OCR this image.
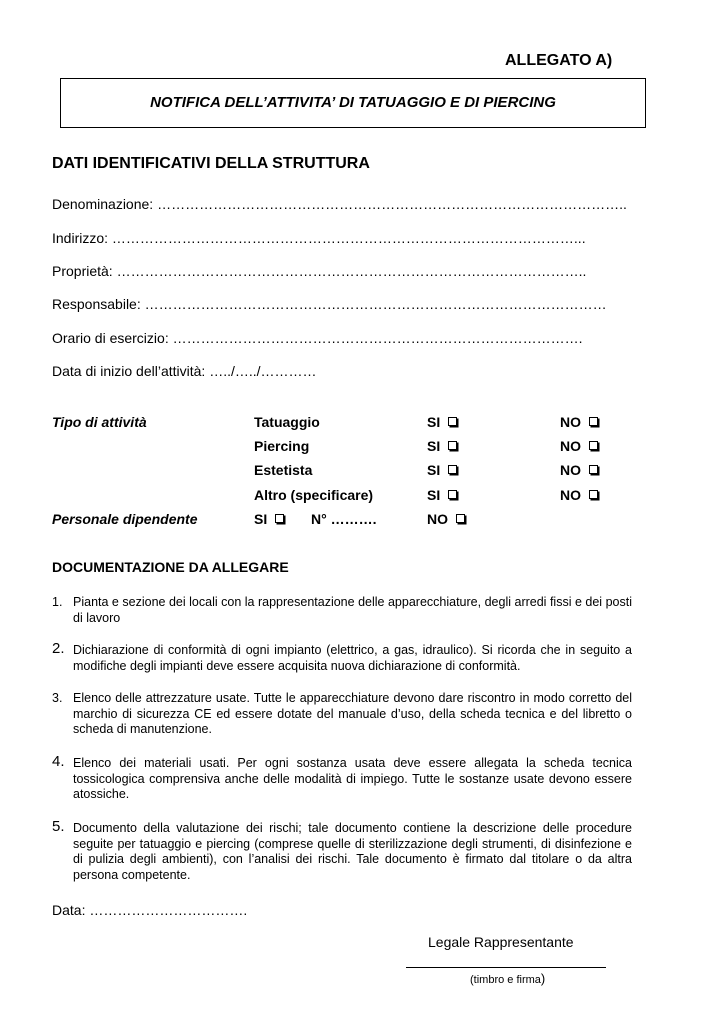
ALLEGATO A)
NOTIFICA DELL’ATTIVITA’ DI TATUAGGIO E DI PIERCING
DATI IDENTIFICATIVI DELLA STRUTTURA
Denominazione: ………………………………………………………………………………………..
Indirizzo: ………………………………………………………………………………………...
Proprietà: ………………………………………………………………………………………..
Responsabile: ………………………………………………………………………………………
Orario di esercizio: …………………………………………………………………………….
Data di inizio dell’attività: …../…../…………
Tipo di attività	Tatuaggio	SI	NO
Piercing	SI	NO
Estetista	SI	NO
Altro (specificare)	SI	NO
Personale dipendente	SI	N° ……….	NO
DOCUMENTAZIONE DA ALLEGARE
1. Pianta e sezione dei locali con la rappresentazione delle apparecchiature, degli arredi fissi e dei posti di lavoro
2. Dichiarazione di conformità di ogni impianto (elettrico, a gas, idraulico). Si ricorda che in seguito a modifiche degli impianti deve essere acquisita nuova dichiarazione di conformità.
3. Elenco delle attrezzature usate. Tutte le apparecchiature devono dare riscontro in modo corretto del marchio di sicurezza CE ed essere dotate del manuale d’uso, della scheda tecnica e del libretto o scheda di manutenzione.
4. Elenco dei materiali usati. Per ogni sostanza usata deve essere allegata la scheda tecnica tossicologica comprensiva anche delle modalità di impiego. Tutte le sostanze usate devono essere atossiche.
5. Documento della valutazione dei rischi; tale documento contiene la descrizione delle procedure seguite per tatuaggio e piercing (comprese quelle di sterilizzazione degli strumenti, di disinfezione e di pulizia degli ambienti), con l’analisi dei rischi. Tale documento è firmato dal titolare o da altra persona competente.
Data: …………………………….
Legale Rappresentante
(timbro e firma)
